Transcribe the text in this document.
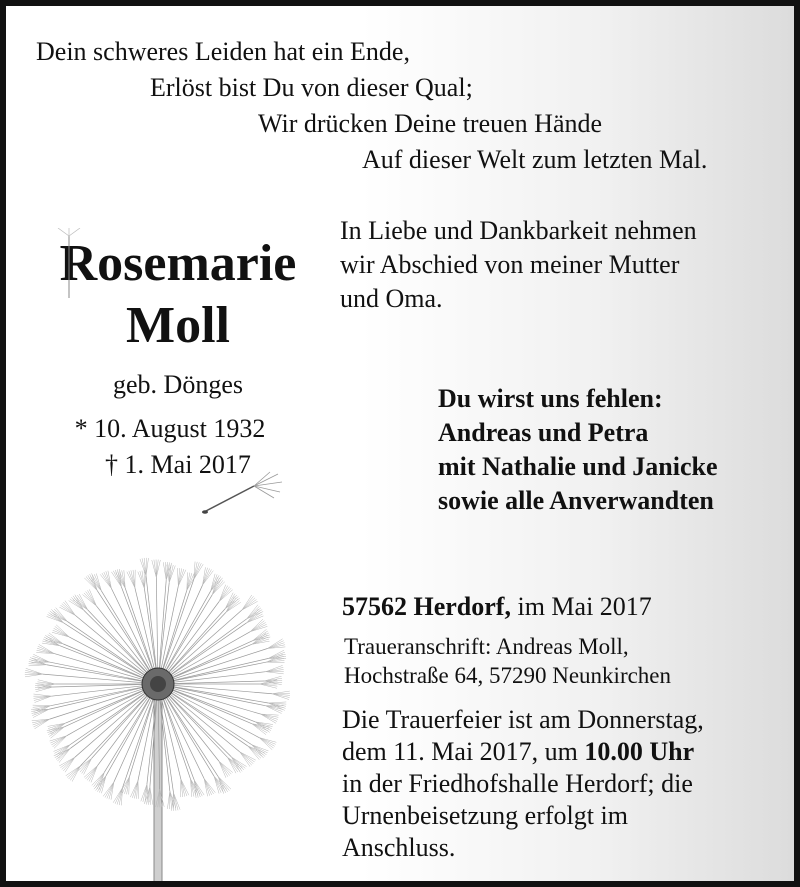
Dein schweres Leiden hat ein Ende,
Erlöst bist Du von dieser Qual;
Wir drücken Deine treuen Hände
Auf dieser Welt zum letzten Mal.
In Liebe und Dankbarkeit nehmen
wir Abschied von meiner Mutter
und Oma.
Rosemarie
Moll
geb. Dönges
* 10. August 1932
† 1. Mai 2017
Du wirst uns fehlen:
Andreas und Petra
mit Nathalie und Janicke
sowie alle Anverwandten
57562 Herdorf, im Mai 2017
Traueranschrift: Andreas Moll,
Hochstraße 64, 57290 Neunkirchen
Die Trauerfeier ist am Donnerstag,
dem 11. Mai 2017, um 10.00 Uhr
in der Friedhofshalle Herdorf; die
Urnenbeisetzung erfolgt im
Anschluss.
